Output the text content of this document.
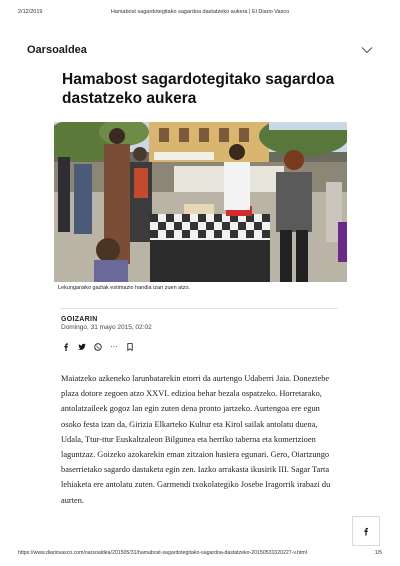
2/12/2019	Hamabost sagardotegitako sagardoa dastatzeko aukera | El Diario Vasco
Oarsoaldea
Hamabost sagardotegitako sagardoa dastatzeko aukera
Lekungaraiko gaztak estimazio handia izan zuen atzo.
GOIZARIN
Domingo, 31 mayo 2015, 02:02
···
Maiatzeko azkeneko larunbatarekin etorri da aurtengo Udaberri Jaia. Doneztebe plaza dotore zegoen atzo XXVI. edizioa behar bezala ospatzeko. Horretarako, antolatzaileek gogoz lan egin zuten dena pronto jartzeko. Aurtengoa ere egun osoko festa izan da, Girizia Elkarteko Kultur eta Kirol sailak antolatu duena, Udala, Ttur-ttur Euskaltzaleon Bilgunea eta herriko taberna eta komertzioen laguntzaz. Goizeko azokarekin eman zitzaion hasiera egunari. Gero, Oiartzungo baserrietako sagardo dastaketa egin zen. Iazko arrakasta ikusirik III. Sagar Tarta lehiaketa ere antolatu zuten. Garmendi txokolategiko Josebe Iragorrik irabazi du aurten.
https://www.diariovasco.com/oarsoaldea/201505/31/hamabost-sagardotegitako-sagardoa-dastatzeko-20150531020227-v.html	1/5
